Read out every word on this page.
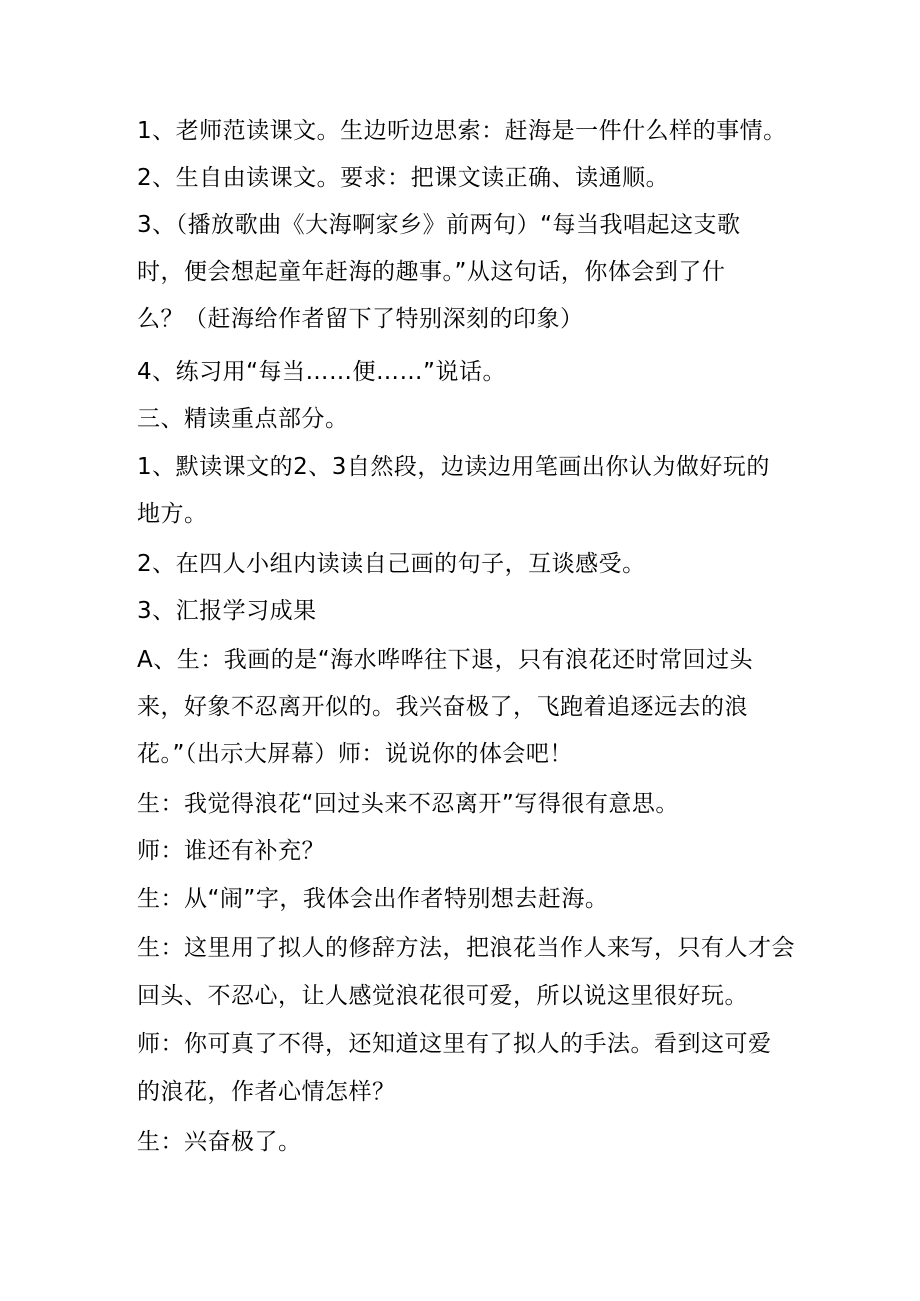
1、老师范读课文。生边听边思索：赶海是一件什么样的事情。
2、生自由读课文。要求：把课文读正确、读通顺。
3、（播放歌曲《大海啊家乡》前两句）“每当我唱起这支歌
时，便会想起童年赶海的趣事。”从这句话，你体会到了什
么？（赶海给作者留下了特别深刻的印象）
4、练习用“每当……便……”说话。
三、精读重点部分。
1、默读课文的2、3自然段，边读边用笔画出你认为做好玩的
地方。
2、在四人小组内读读自己画的句子，互谈感受。
3、汇报学习成果
A、生：我画的是“海水哗哗往下退，只有浪花还时常回过头
来，好象不忍离开似的。我兴奋极了，飞跑着追逐远去的浪
花。”（出示大屏幕）师：说说你的体会吧！
生：我觉得浪花“回过头来不忍离开”写得很有意思。
师：谁还有补充？
生：从“闹”字，我体会出作者特别想去赶海。
生：这里用了拟人的修辞方法，把浪花当作人来写，只有人才会
回头、不忍心，让人感觉浪花很可爱，所以说这里很好玩。
师：你可真了不得，还知道这里有了拟人的手法。看到这可爱
的浪花，作者心情怎样？
生：兴奋极了。
